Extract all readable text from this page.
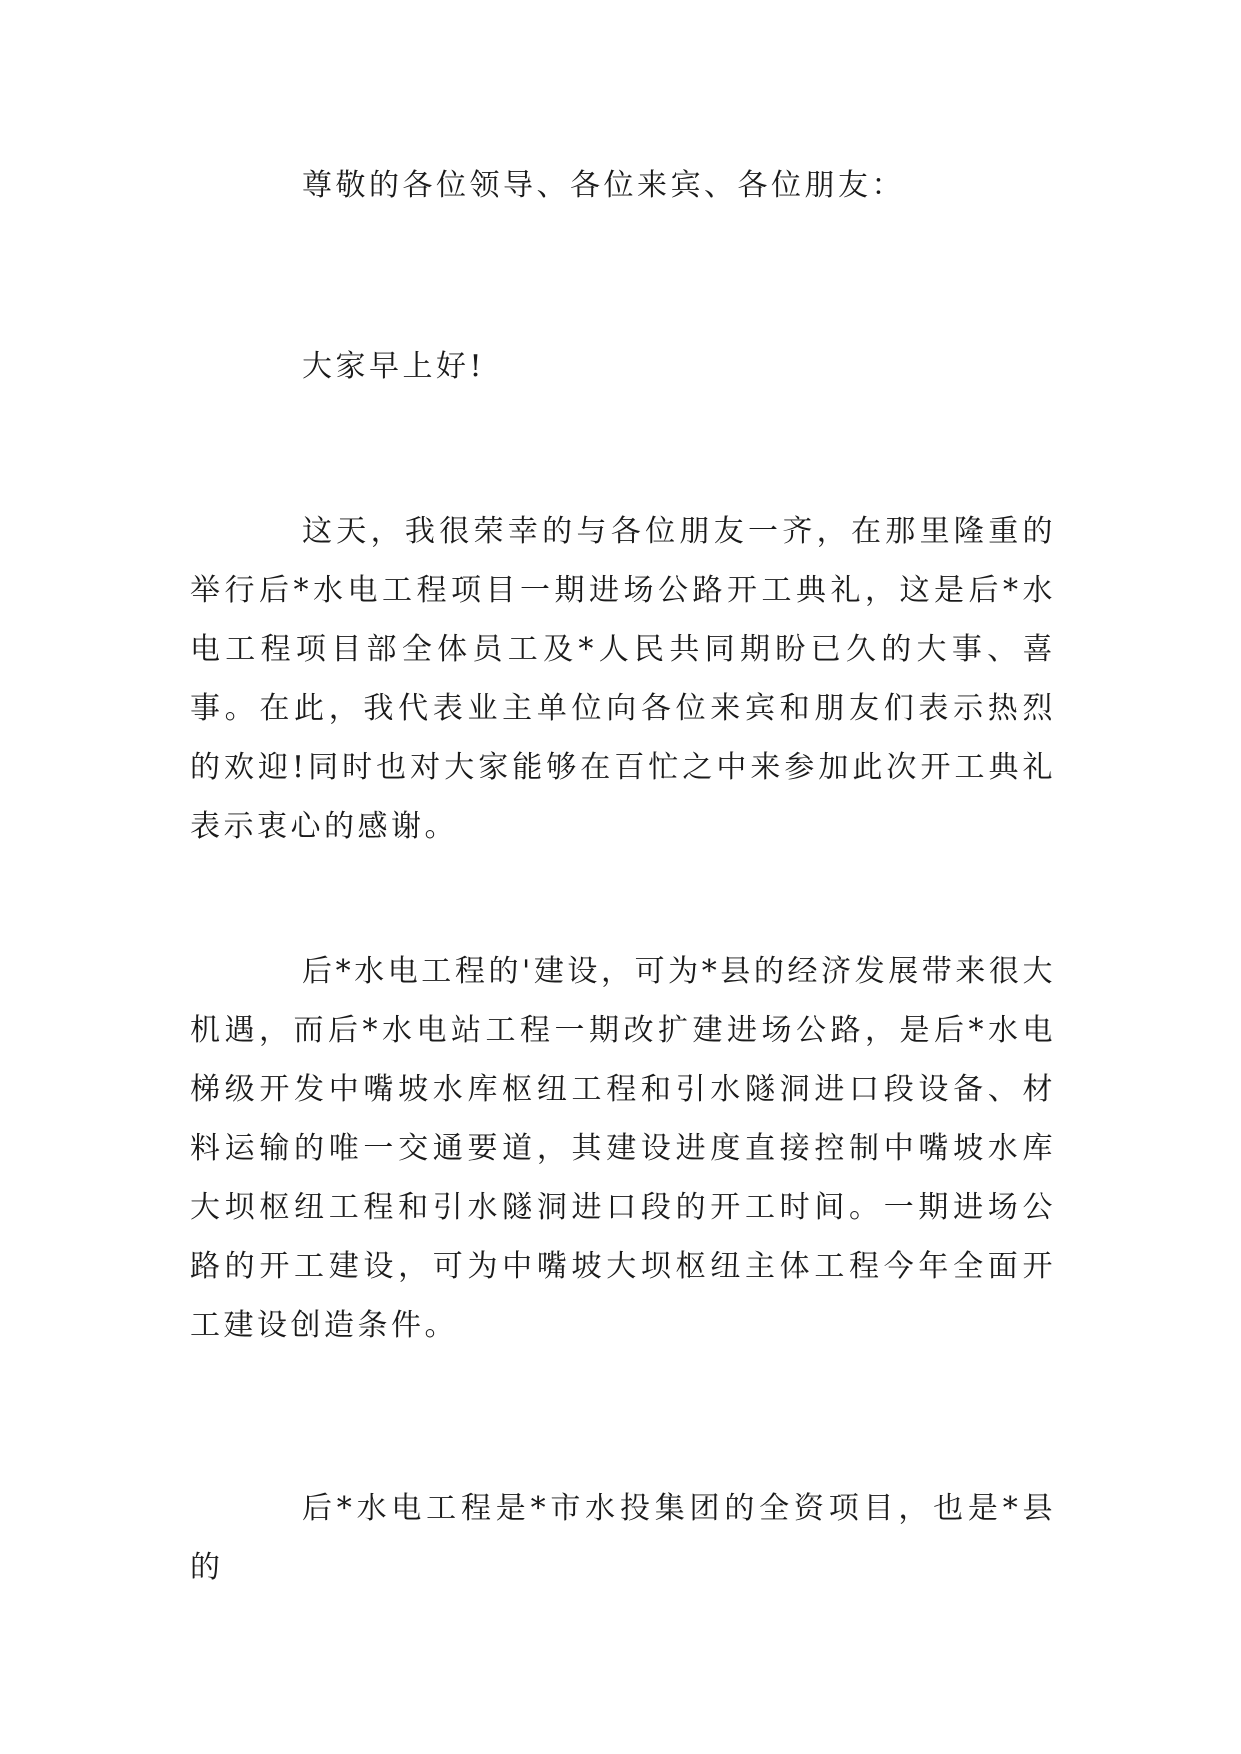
尊敬的各位领导、各位来宾、各位朋友：

大家早上好!

这天，我很荣幸的与各位朋友一齐，在那里隆重的举行后*水电工程项目一期进场公路开工典礼，这是后*水电工程项目部全体员工及*人民共同期盼已久的大事、喜事。在此，我代表业主单位向各位来宾和朋友们表示热烈的欢迎!同时也对大家能够在百忙之中来参加此次开工典礼表示衷心的感谢。

后*水电工程的'建设，可为*县的经济发展带来很大机遇，而后*水电站工程一期改扩建进场公路，是后*水电梯级开发中嘴坡水库枢纽工程和引水隧洞进口段设备、材料运输的唯一交通要道，其建设进度直接控制中嘴坡水库大坝枢纽工程和引水隧洞进口段的开工时间。一期进场公路的开工建设，可为中嘴坡大坝枢纽主体工程今年全面开工建设创造条件。

后*水电工程是*市水投集团的全资项目，也是*县的
